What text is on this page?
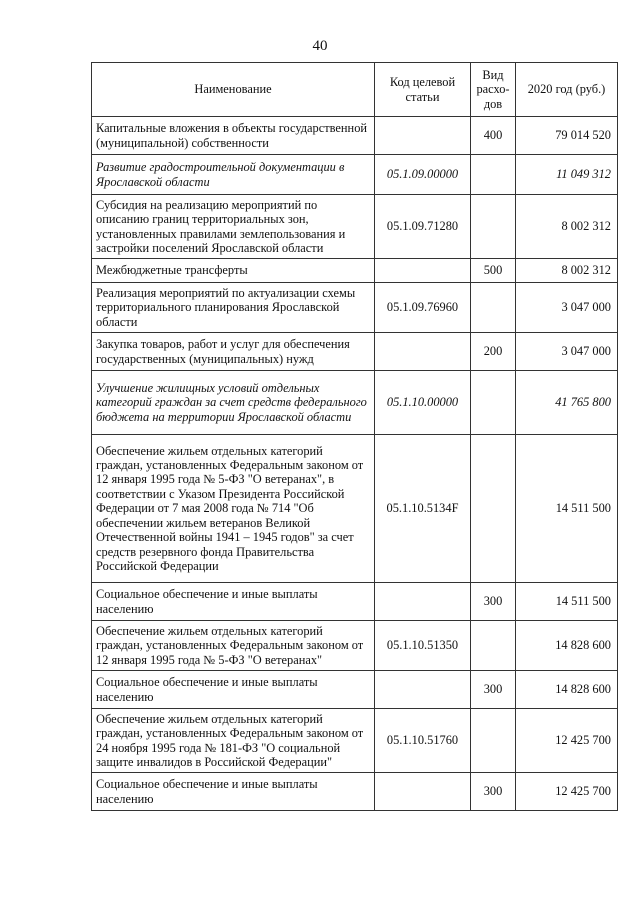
40
Наименование	Код целевой статьи	Вид расхо-дов	2020 год (руб.)
Капитальные вложения в объекты государственной (муниципальной) собственности		400	79 014 520
Развитие градостроительной документации в Ярославской области	05.1.09.00000		11 049 312
Субсидия на реализацию мероприятий по описанию границ территориальных зон, установленных правилами землепользования и застройки поселений Ярославской области	05.1.09.71280		8 002 312
Межбюджетные трансферты		500	8 002 312
Реализация мероприятий по актуализации схемы территориального планирования Ярославской области	05.1.09.76960		3 047 000
Закупка товаров, работ и услуг для обеспечения государственных (муниципальных) нужд		200	3 047 000
Улучшение жилищных условий отдельных категорий граждан за счет средств федерального бюджета на территории Ярославской области	05.1.10.00000		41 765 800
Обеспечение жильем отдельных категорий граждан, установленных Федеральным законом от 12 января 1995 года № 5-ФЗ "О ветеранах", в соответствии с Указом Президента Российской Федерации от 7 мая 2008 года № 714 "Об обеспечении жильем ветеранов Великой Отечественной войны 1941 – 1945 годов" за счет средств резервного фонда Правительства Российской Федерации	05.1.10.5134F		14 511 500
Социальное обеспечение и иные выплаты населению		300	14 511 500
Обеспечение жильем отдельных категорий граждан, установленных Федеральным законом от 12 января 1995 года № 5-ФЗ "О ветеранах"	05.1.10.51350		14 828 600
Социальное обеспечение и иные выплаты населению		300	14 828 600
Обеспечение жильем отдельных категорий граждан, установленных Федеральным законом от 24 ноября 1995 года № 181-ФЗ "О социальной защите инвалидов в Российской Федерации"	05.1.10.51760		12 425 700
Социальное обеспечение и иные выплаты населению		300	12 425 700
